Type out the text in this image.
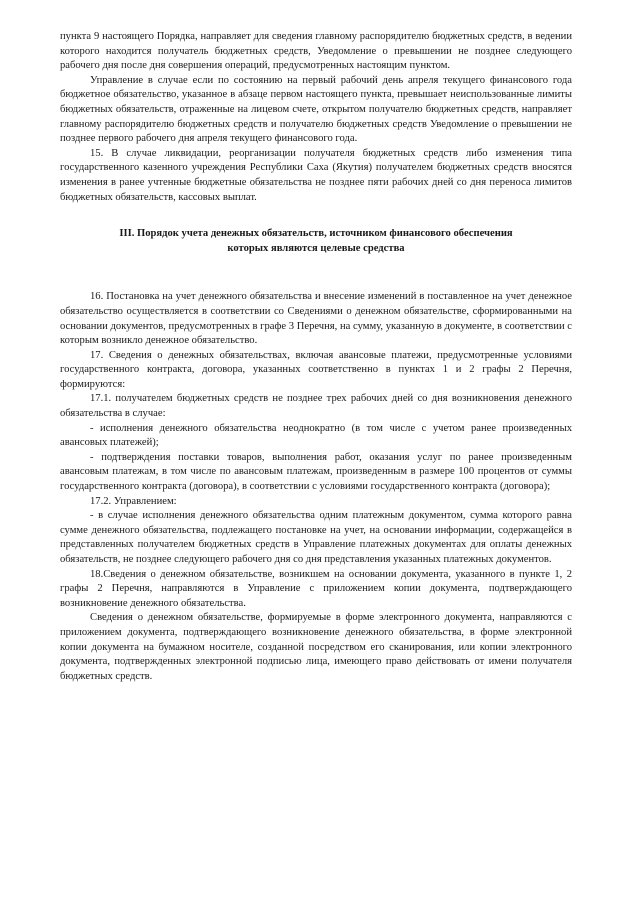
пункта 9 настоящего Порядка, направляет для сведения главному распорядителю бюджетных средств, в ведении которого находится получатель бюджетных средств, Уведомление о превышении не позднее следующего рабочего дня после дня совершения операций, предусмотренных настоящим пунктом.

Управление в случае если по состоянию на первый рабочий день апреля текущего финансового года бюджетное обязательство, указанное в абзаце первом настоящего пункта, превышает неиспользованные лимиты бюджетных обязательств, отраженные на лицевом счете, открытом получателю бюджетных средств, направляет главному распорядителю бюджетных средств и получателю бюджетных средств Уведомление о превышении не позднее первого рабочего дня апреля текущего финансового года.

15. В случае ликвидации, реорганизации получателя бюджетных средств либо изменения типа государственного казенного учреждения Республики Саха (Якутия) получателем бюджетных средств вносятся изменения в ранее учтенные бюджетные обязательства не позднее пяти рабочих дней со дня переноса лимитов бюджетных обязательств, кассовых выплат.

III. Порядок учета денежных обязательств, источником финансового обеспечения которых являются целевые средства

16. Постановка на учет денежного обязательства и внесение изменений в поставленное на учет денежное обязательство осуществляется в соответствии со Сведениями о денежном обязательстве, сформированными на основании документов, предусмотренных в графе 3 Перечня, на сумму, указанную в документе, в соответствии с которым возникло денежное обязательство.

17. Сведения о денежных обязательствах, включая авансовые платежи, предусмотренные условиями государственного контракта, договора, указанных соответственно в пунктах 1 и 2 графы 2 Перечня, формируются:

17.1. получателем бюджетных средств не позднее трех рабочих дней со дня возникновения денежного обязательства в случае:

- исполнения денежного обязательства неоднократно (в том числе с учетом ранее произведенных авансовых платежей);

- подтверждения поставки товаров, выполнения работ, оказания услуг по ранее произведенным авансовым платежам, в том числе по авансовым платежам, произведенным в размере 100 процентов от суммы государственного контракта (договора), в соответствии с условиями государственного контракта (договора);

17.2. Управлением:

- в случае исполнения денежного обязательства одним платежным документом, сумма которого равна сумме денежного обязательства, подлежащего постановке на учет, на основании информации, содержащейся в представленных получателем бюджетных средств в Управление платежных документах для оплаты денежных обязательств, не позднее следующего рабочего дня со дня представления указанных платежных документов.

18.Сведения о денежном обязательстве, возникшем на основании документа, указанного в пункте 1, 2 графы 2 Перечня, направляются в Управление с приложением копии документа, подтверждающего возникновение денежного обязательства.

Сведения о денежном обязательстве, формируемые в форме электронного документа, направляются с приложением документа, подтверждающего возникновение денежного обязательства, в форме электронной копии документа на бумажном носителе, созданной посредством его сканирования, или копии электронного документа, подтвержденных электронной подписью лица, имеющего право действовать от имени получателя бюджетных средств.
